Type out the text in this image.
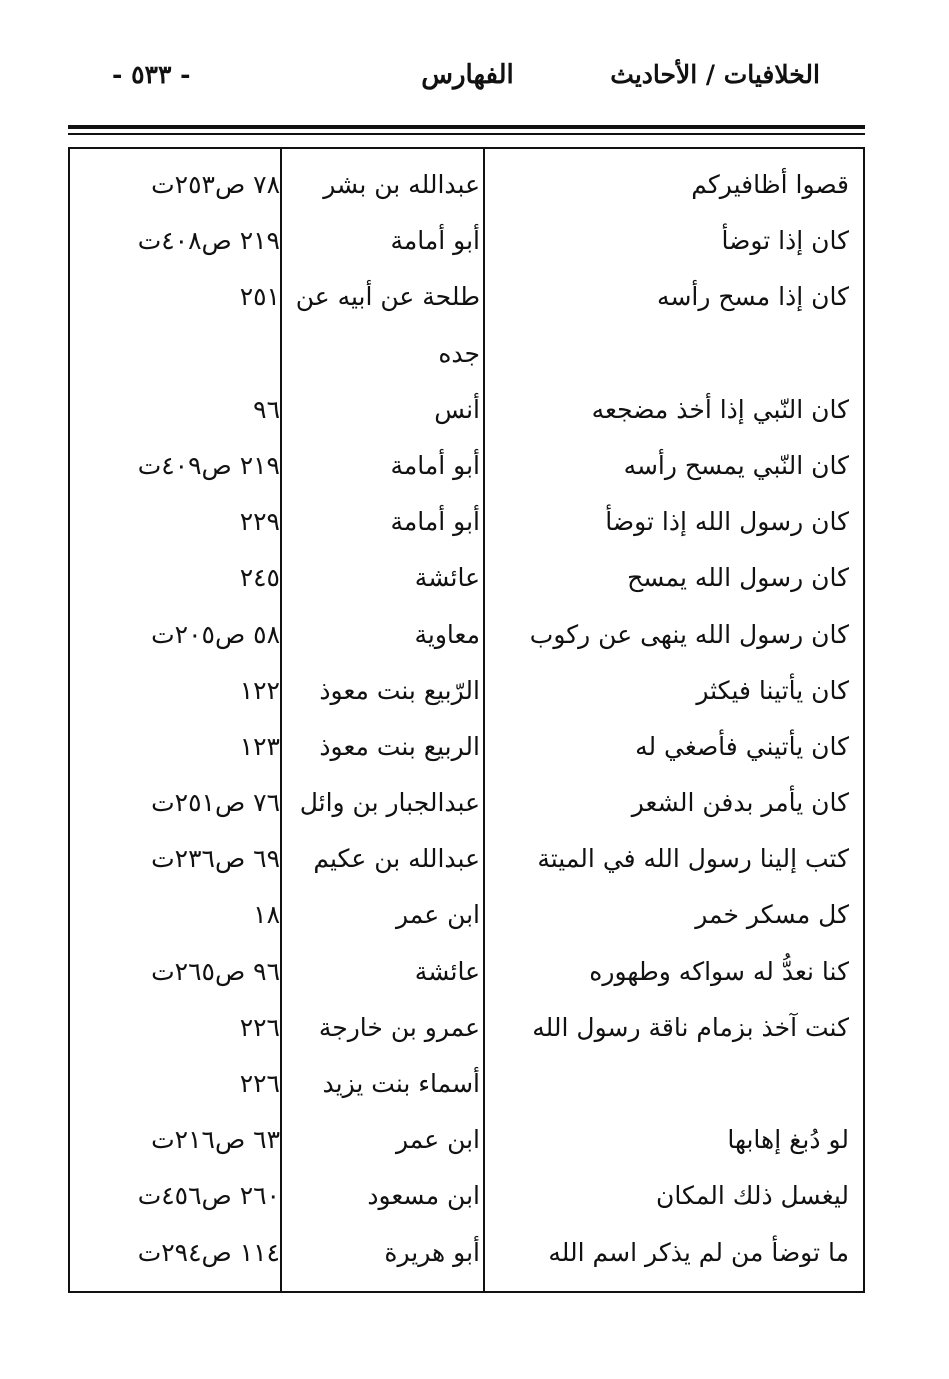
الخلافيات / الأحاديث
الفهارس
- ٥٣٣ -
قصوا أظافيركم
عبدالله بن بشر
٧٨ ص٢٥٣ت
كان إذا توضأ
أبو أمامة
٢١٩ ص٤٠٨ت
كان إذا مسح رأسه
طلحة عن أبيه عن
٢٥١
جده
كان النّبي إذا أخذ مضجعه
أنس
٩٦
كان النّبي يمسح رأسه
أبو أمامة
٢١٩ ص٤٠٩ت
كان رسول الله إذا توضأ
أبو أمامة
٢٢٩
كان رسول الله يمسح
عائشة
٢٤٥
كان رسول الله ينهى عن ركوب
معاوية
٥٨ ص٢٠٥ت
كان يأتينا فيكثر
الرّبيع بنت معوذ
١٢٢
كان يأتيني فأصغي له
الربيع بنت معوذ
١٢٣
كان يأمر بدفن الشعر
عبدالجبار بن وائل
٧٦ ص٢٥١ت
كتب إلينا رسول الله في الميتة
عبدالله بن عكيم
٦٩ ص٢٣٦ت
كل مسكر خمر
ابن عمر
١٨
كنا نعدُّ له سواكه وطهوره
عائشة
٩٦ ص٢٦٥ت
كنت آخذ بزمام ناقة رسول الله
عمرو بن خارجة
٢٢٦
أسماء بنت يزيد
٢٢٦
لو دُبغ إهابها
ابن عمر
٦٣ ص٢١٦ت
ليغسل ذلك المكان
ابن مسعود
٢٦٠ ص٤٥٦ت
ما توضأ من لم يذكر اسم الله
أبو هريرة
١١٤ ص٢٩٤ت
